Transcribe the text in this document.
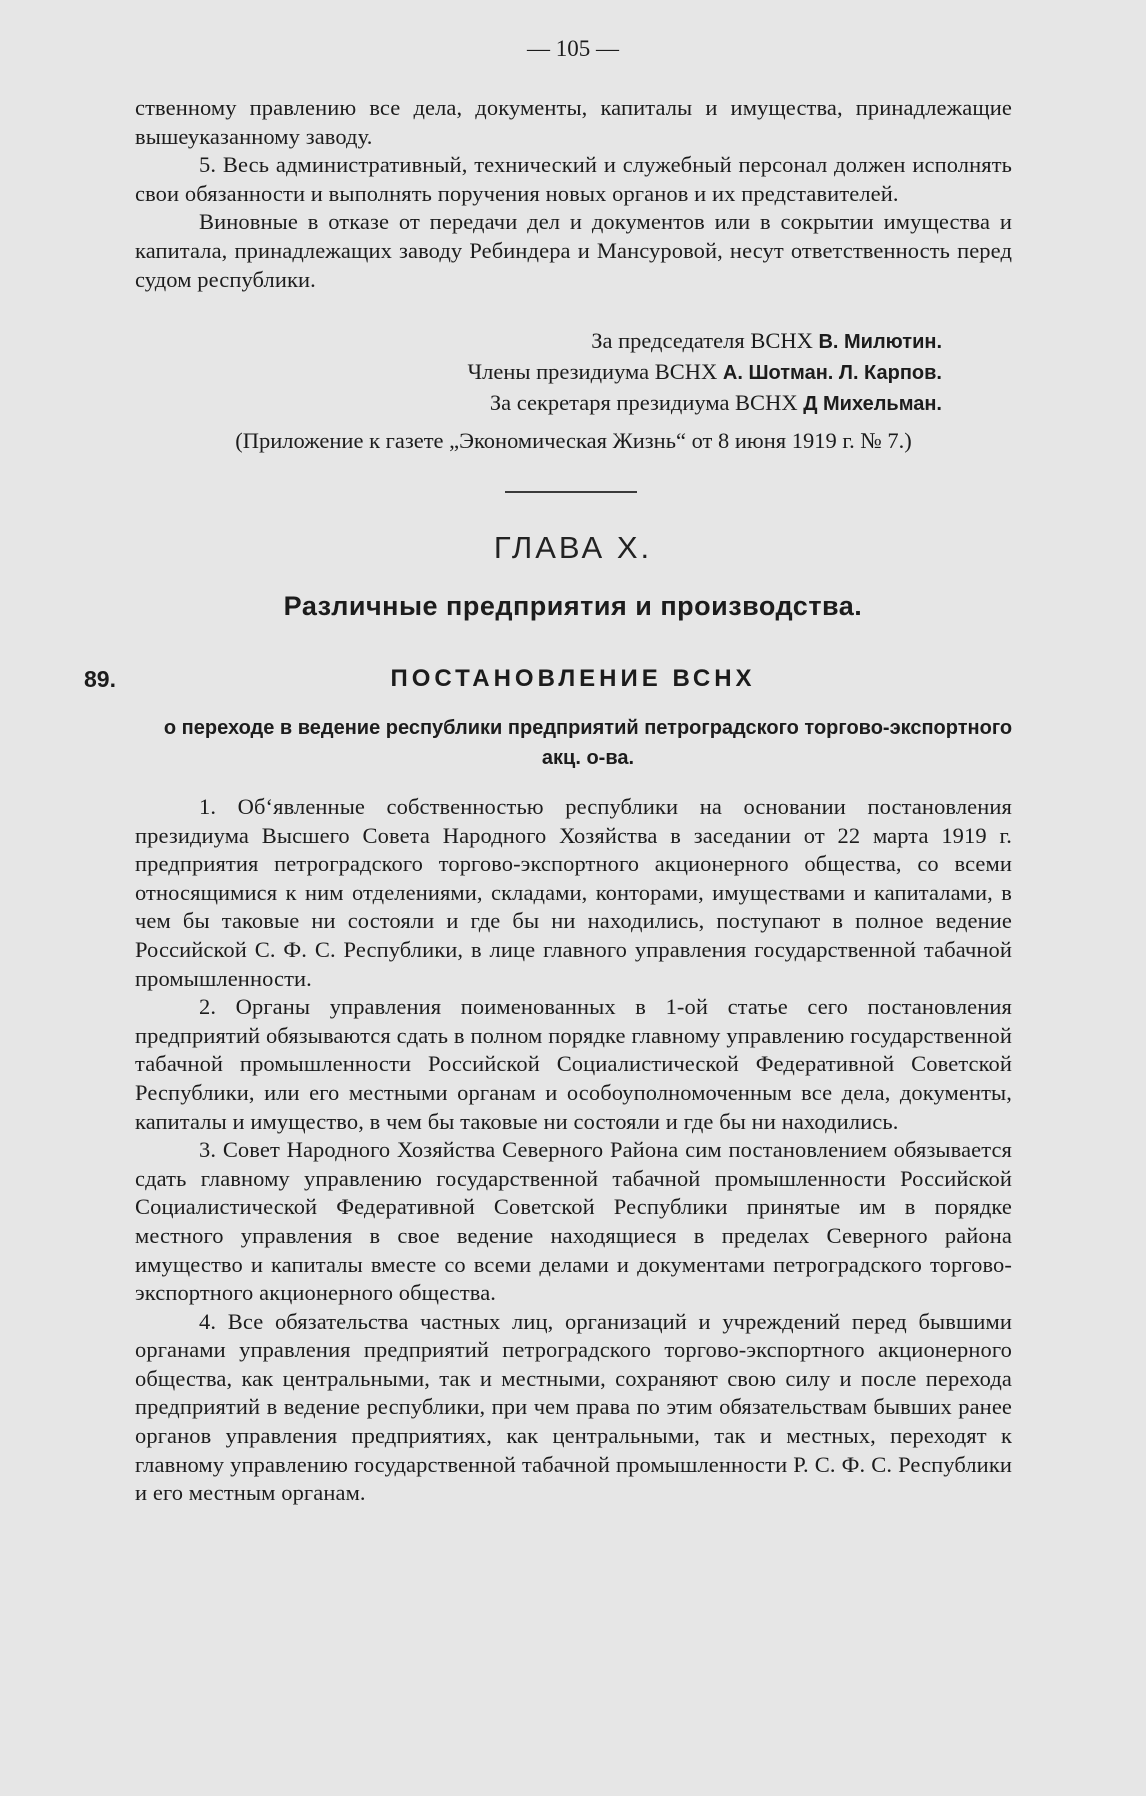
— 105 —

ственному правлению все дела, документы, капиталы и имущества, принадлежащие вышеуказанному заводу.

5. Весь административный, технический и служебный персонал должен исполнять свои обязанности и выполнять поручения новых органов и их представителей.

Виновные в отказе от передачи дел и документов или в сокрытии имущества и капитала, принадлежащих заводу Ребиндера и Мансуровой, несут ответственность перед судом республики.

За председателя ВСНХ В. Милютин.
Члены президиума ВСНХ А. Шотман. Л. Карпов.
За секретаря президиума ВСНХ Д Михельман.

(Приложение к газете „Экономическая Жизнь“ от 8 июня 1919 г. № 7.)

ГЛАВА X.
Различные предприятия и производства.
89.	ПОСТАНОВЛЕНИЕ ВСНХ
о переходе в ведение республики предприятий петроградского торгово-экспортного акц. о-ва.

1. Об‘явленные собственностью республики на основании постановления президиума Высшего Совета Народного Хозяйства в заседании от 22 марта 1919 г. предприятия петроградского торгово-экспортного акционерного общества, со всеми относящимися к ним отделениями, складами, конторами, имуществами и капиталами, в чем бы таковые ни состояли и где бы ни находились, поступают в полное ведение Российской С. Ф. С. Республики, в лице главного управления государственной табачной промышленности.

2. Органы управления поименованных в 1-ой статье сего постановления предприятий обязываются сдать в полном порядке главному управлению государственной табачной промышленности Российской Социалистической Федеративной Советской Республики, или его местными органам и особоуполномоченным все дела, документы, капиталы и имущество, в чем бы таковые ни состояли и где бы ни находились.

3. Совет Народного Хозяйства Северного Района сим постановлением обязывается сдать главному управлению государственной табачной промышленности Российской Социалистической Федеративной Советской Республики принятые им в порядке местного управления в свое ведение находящиеся в пределах Северного района имущество и капиталы вместе со всеми делами и документами петроградского торгово-экспортного акционерного общества.

4. Все обязательства частных лиц, организаций и учреждений перед бывшими органами управления предприятий петроградского торгово-экспортного акционерного общества, как центральными, так и местными, сохраняют свою силу и после перехода предприятий в ведение республики, при чем права по этим обязательствам бывших ранее органов управления предприятиях, как центральными, так и местных, переходят к главному управлению государственной табачной промышленности Р. С. Ф. С. Республики и его местным органам.
